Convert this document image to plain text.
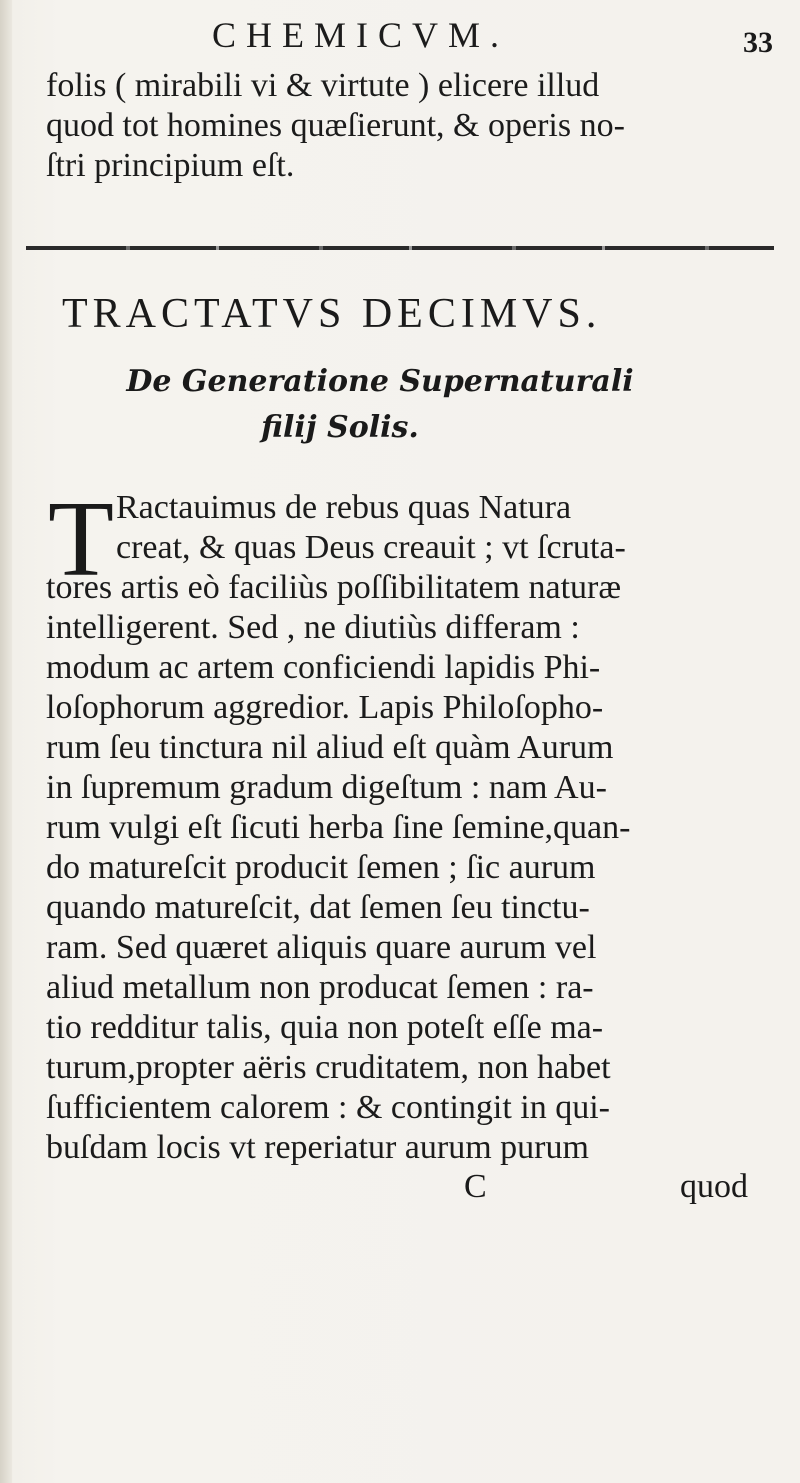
CHEMICVM.	33
folis ( mirabili vi & virtute ) elicere illud
quod tot homines quæſierunt, & operis no-
ſtri principium eſt.
TRACTATVS DECIMVS.
De Generatione Supernaturali
filij Solis.
T Ractauimus de rebus quas Natura
creat, & quas Deus creauit ; vt ſcruta-
tores artis eò faciliùs poſſibilitatem naturæ
intelligerent. Sed , ne diutiùs differam :
modum ac artem conficiendi lapidis Phi-
loſophorum aggredior. Lapis Philoſopho-
rum ſeu tinctura nil aliud eſt quàm Aurum
in ſupremum gradum digeſtum : nam Au-
rum vulgi eſt ſicuti herba ſine ſemine,quan-
do matureſcit producit ſemen ; ſic aurum
quando matureſcit, dat ſemen ſeu tinctu-
ram. Sed quæret aliquis quare aurum vel
aliud metallum non producat ſemen : ra-
tio redditur talis, quia non poteſt eſſe ma-
turum,propter aëris cruditatem, non habet
ſufficientem calorem : & contingit in qui-
buſdam locis vt reperiatur aurum purum
C	quod
